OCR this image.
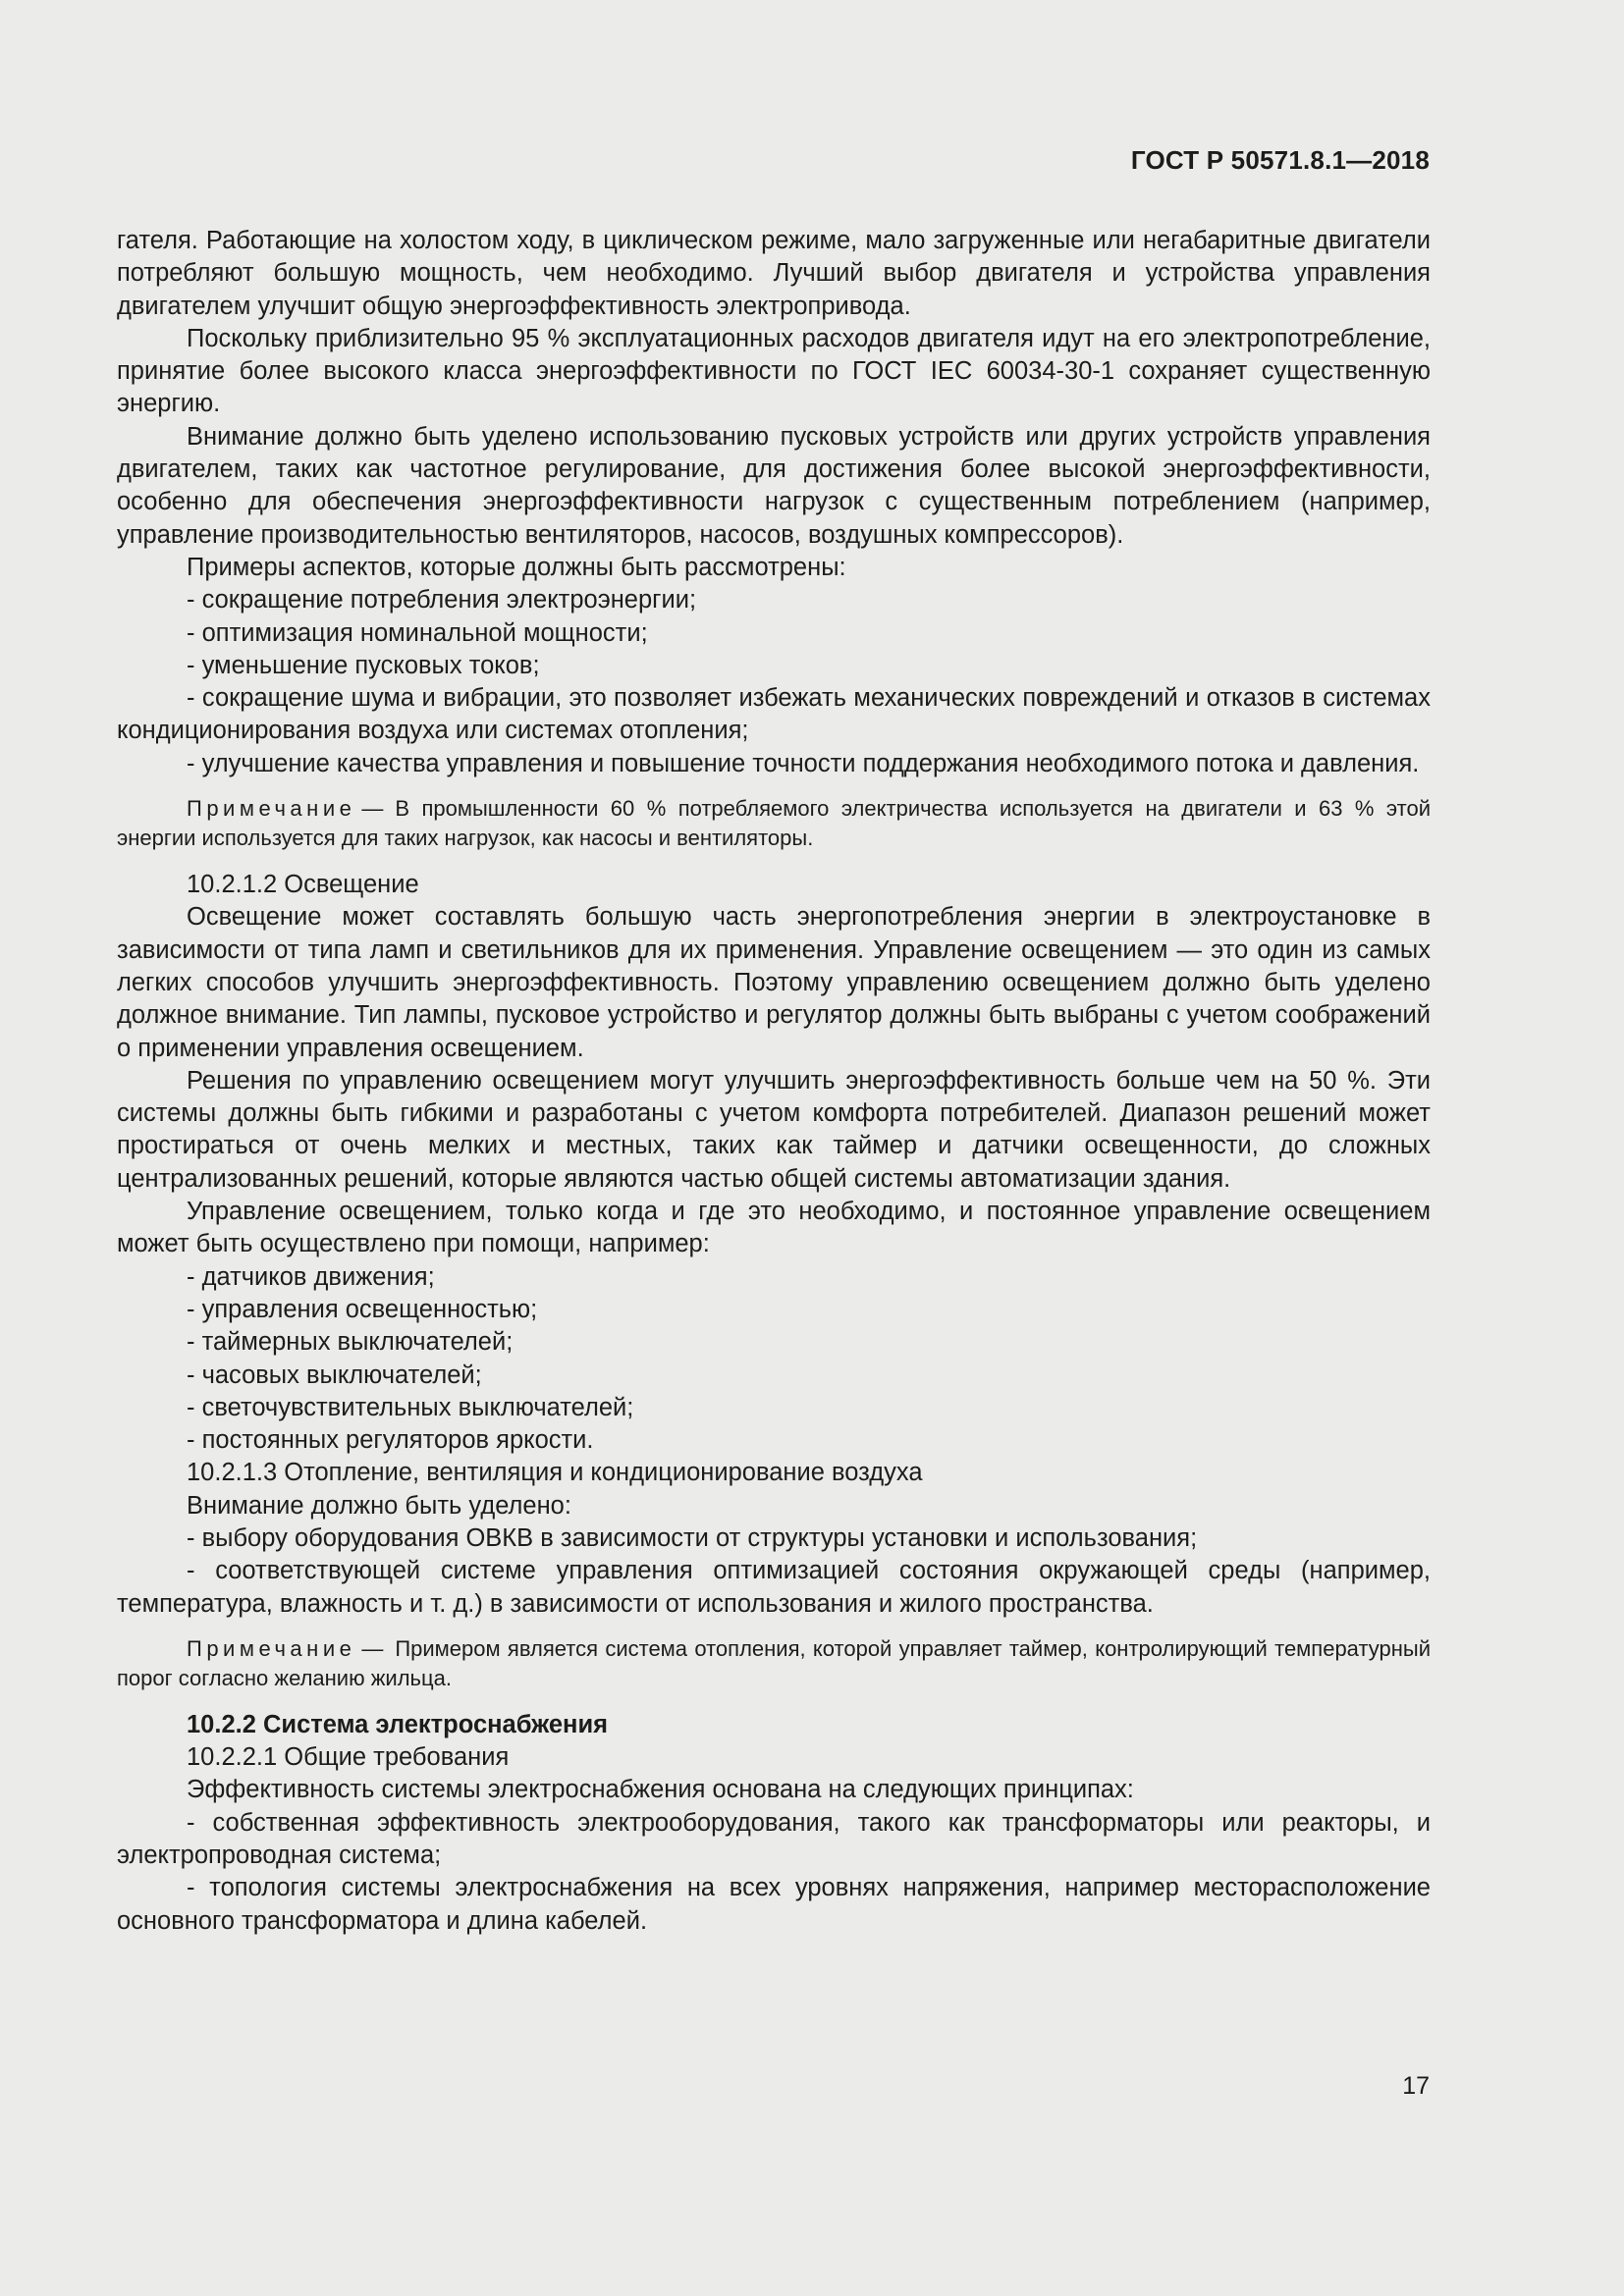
ГОСТ Р 50571.8.1—2018

гателя. Работающие на холостом ходу, в циклическом режиме, мало загруженные или негабаритные двигатели потребляют большую мощность, чем необходимо. Лучший выбор двигателя и устройства управления двигателем улучшит общую энергоэффективность электропривода.

Поскольку приблизительно 95 % эксплуатационных расходов двигателя идут на его электропотребление, принятие более высокого класса энергоэффективности по ГОСТ IEC 60034-30-1 сохраняет существенную энергию.

Внимание должно быть уделено использованию пусковых устройств или других устройств управления двигателем, таких как частотное регулирование, для достижения более высокой энергоэффективности, особенно для обеспечения энергоэффективности нагрузок с существенным потреблением (например, управление производительностью вентиляторов, насосов, воздушных компрессоров).

Примеры аспектов, которые должны быть рассмотрены:

- сокращение потребления электроэнергии;

- оптимизация номинальной мощности;

- уменьшение пусковых токов;

- сокращение шума и вибрации, это позволяет избежать механических повреждений и отказов в системах кондиционирования воздуха или системах отопления;

- улучшение качества управления и повышение точности поддержания необходимого потока и давления.

Примечание — В промышленности 60 % потребляемого электричества используется на двигатели и 63 % этой энергии используется для таких нагрузок, как насосы и вентиляторы.

10.2.1.2 Освещение

Освещение может составлять большую часть энергопотребления энергии в электроустановке в зависимости от типа ламп и светильников для их применения. Управление освещением — это один из самых легких способов улучшить энергоэффективность. Поэтому управлению освещением должно быть уделено должное внимание. Тип лампы, пусковое устройство и регулятор должны быть выбраны с учетом соображений о применении управления освещением.

Решения по управлению освещением могут улучшить энергоэффективность больше чем на 50 %. Эти системы должны быть гибкими и разработаны с учетом комфорта потребителей. Диапазон решений может простираться от очень мелких и местных, таких как таймер и датчики освещенности, до сложных централизованных решений, которые являются частью общей системы автоматизации здания.

Управление освещением, только когда и где это необходимо, и постоянное управление освещением может быть осуществлено при помощи, например:

- датчиков движения;

- управления освещенностью;

- таймерных выключателей;

- часовых выключателей;

- светочувствительных выключателей;

- постоянных регуляторов яркости.

10.2.1.3 Отопление, вентиляция и кондиционирование воздуха

Внимание должно быть уделено:

- выбору оборудования ОВКВ в зависимости от структуры установки и использования;

- соответствующей системе управления оптимизацией состояния окружающей среды (например, температура, влажность и т. д.) в зависимости от использования и жилого пространства.

Примечание — Примером является система отопления, которой управляет таймер, контролирующий температурный порог согласно желанию жильца.

10.2.2 Система электроснабжения

10.2.2.1 Общие требования

Эффективность системы электроснабжения основана на следующих принципах:

- собственная эффективность электрооборудования, такого как трансформаторы или реакторы, и электропроводная система;

- топология системы электроснабжения на всех уровнях напряжения, например месторасположение основного трансформатора и длина кабелей.

17
